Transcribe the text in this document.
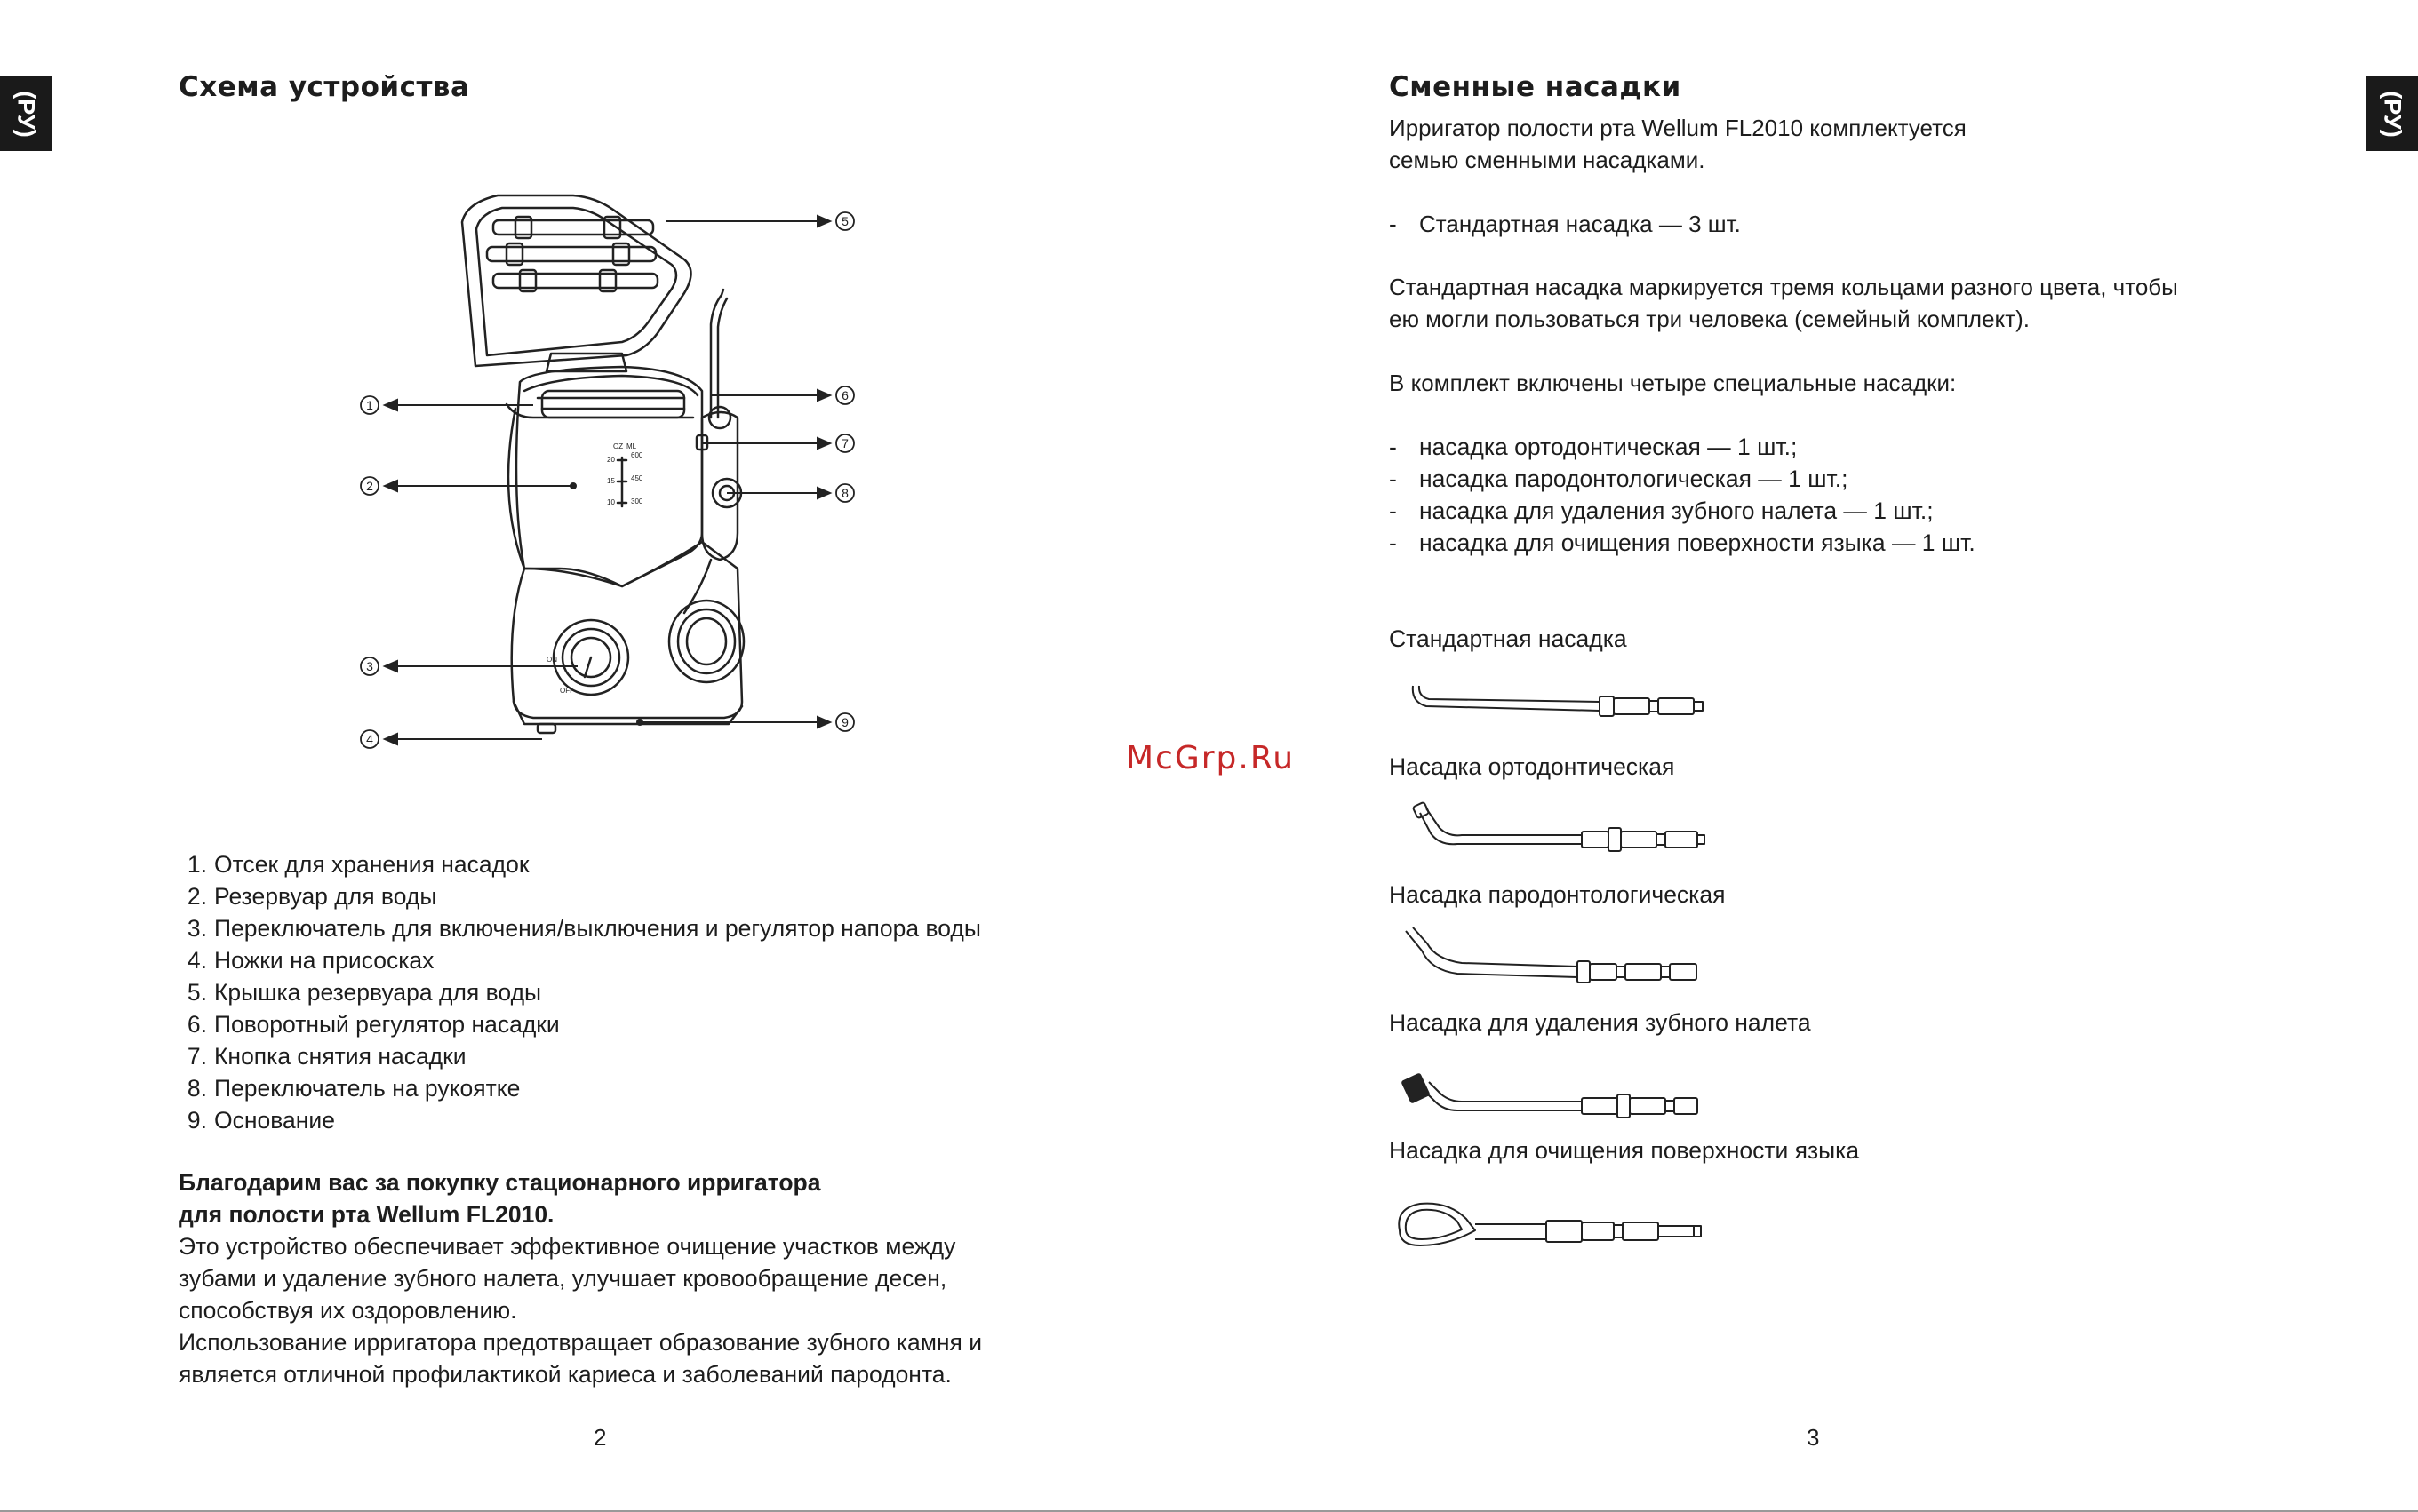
(РУ)	(РУ)
Схема устройства
OZ ML
20
15
10
600
450
300
ON
OFF
1
2
3
4
5
6
7
8
9
1. Отсек для хранения насадок
2. Резервуар для воды
3. Переключатель для включения/выключения и регулятор напора воды
4. Ножки на присосках
5. Крышка резервуара для воды
6. Поворотный регулятор насадки
7. Кнопка снятия насадки
8. Переключатель на рукоятке
9. Основание
Благодарим вас за покупку стационарного ирригатора
для полости рта Wellum FL2010.
Это устройство обеспечивает эффективное очищение участков между
зубами и удаление зубного налета, улучшает кровообращение десен,
способствуя их оздоровлению.
Использование ирригатора предотвращает образование зубного камня и
является отличной профилактикой кариеса и заболеваний пародонта.
2
McGrp.Ru
Сменные насадки
Ирригатор полости рта Wellum FL2010 комплектуется
семью сменными насадками.
- Стандартная насадка — 3 шт.
Стандартная насадка маркируется тремя кольцами разного цвета, чтобы
ею могли пользоваться три человека (семейный комплект).
В комплект включены четыре специальные насадки:
- насадка ортодонтическая — 1 шт.;
- насадка пародонтологическая — 1 шт.;
- насадка для удаления зубного налета — 1 шт.;
- насадка для очищения поверхности языка — 1 шт.
Стандартная насадка
Насадка ортодонтическая
Насадка пародонтологическая
Насадка для удаления зубного налета
Насадка для очищения поверхности языка
3
